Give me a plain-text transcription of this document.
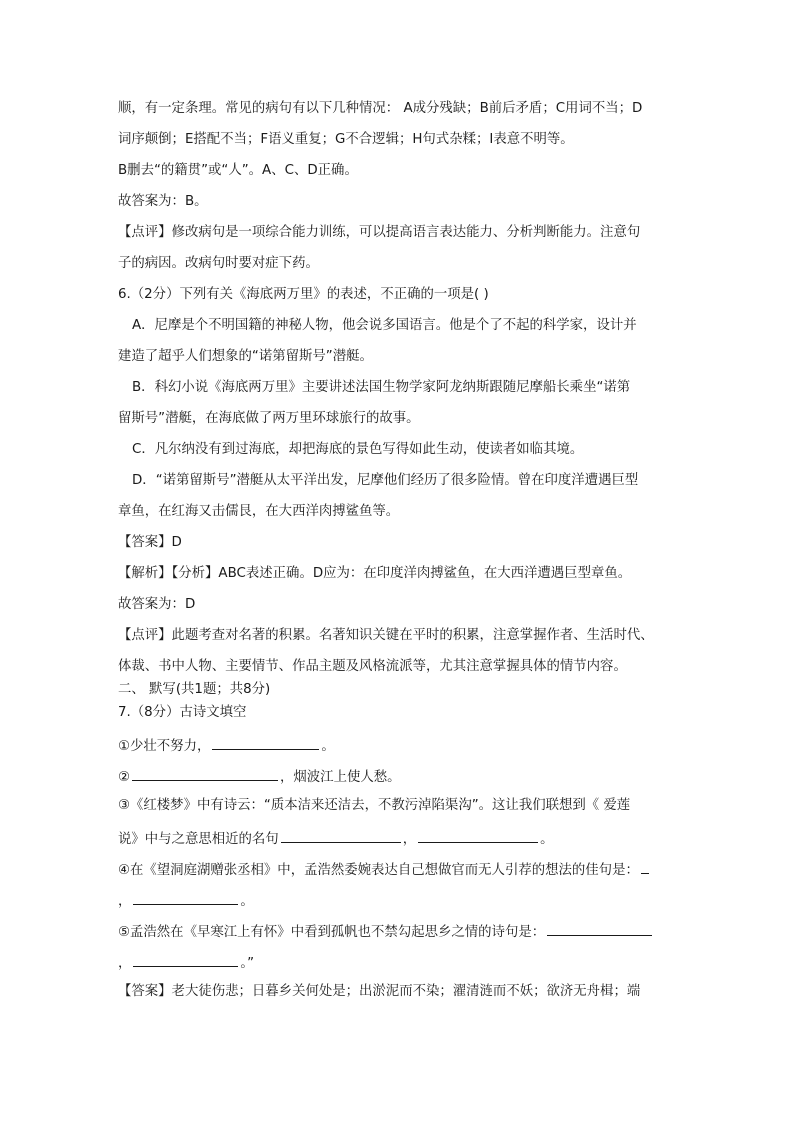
顺，有一定条理。常见的病句有以下几种情况： A成分残缺；B前后矛盾；C用词不当；D
词序颠倒；E搭配不当；F语义重复；G不合逻辑；H句式杂糅；I表意不明等。
B删去“的籍贯”或“人”。A、C、D正确。
故答案为：B。
【点评】修改病句是一项综合能力训练，可以提高语言表达能力、分析判断能力。注意句
子的病因。改病句时要对症下药。
6.（2分）下列有关《海底两万里》的表述，不正确的一项是( )
A．尼摩是个不明国籍的神秘人物，他会说多国语言。他是个了不起的科学家，设计并
建造了超乎人们想象的“诺第留斯号”潜艇。
B．科幻小说《海底两万里》主要讲述法国生物学家阿龙纳斯跟随尼摩船长乘坐“诺第
留斯号”潜艇，在海底做了两万里环球旅行的故事。
C．凡尔纳没有到过海底，却把海底的景色写得如此生动，使读者如临其境。
D．“诺第留斯号”潜艇从太平洋出发，尼摩他们经历了很多险情。曾在印度洋遭遇巨型
章鱼，在红海又击儒艮，在大西洋肉搏鲨鱼等。
【答案】D
【解析】【分析】ABC表述正确。D应为：在印度洋肉搏鲨鱼，在大西洋遭遇巨型章鱼。
故答案为：D
【点评】此题考查对名著的积累。名著知识关键在平时的积累，注意掌握作者、生活时代、
体裁、书中人物、主要情节、作品主题及风格流派等，尤其注意掌握具体的情节内容。
二、 默写(共1题；共8分)
7.（8分）古诗文填空
①少壮不努力，	。
②	，烟波江上使人愁。
③《红楼梦》中有诗云：“质本洁来还洁去，不教污淖陷渠沟”。这让我们联想到《 爱莲
说》中与之意思相近的名句	，	。
④在《望洞庭湖赠张丞相》中，孟浩然委婉表达自己想做官而无人引荐的想法的佳句是：
，	。
⑤孟浩然在《早寒江上有怀》中看到孤帆也不禁勾起思乡之情的诗句是：
，	。”
【答案】老大徒伤悲；日暮乡关何处是；出淤泥而不染；濯清涟而不妖；欲济无舟楫；端
